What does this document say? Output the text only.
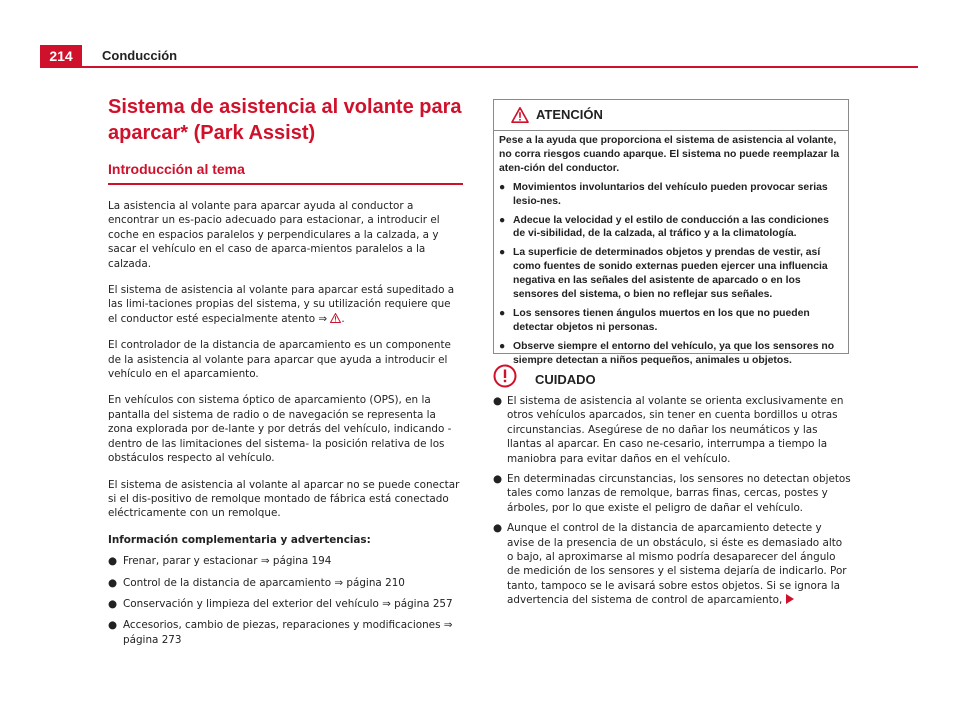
214	Conducción
Sistema de asistencia al volante para aparcar* (Park Assist)
Introducción al tema

La asistencia al volante para aparcar ayuda al conductor a encontrar un es-pacio adecuado para estacionar, a introducir el coche en espacios paralelos y perpendiculares a la calzada, a y sacar el vehículo en el caso de aparca-mientos paralelos a la calzada.

El sistema de asistencia al volante para aparcar está supeditado a las limi-taciones propias del sistema, y su utilización requiere que el conductor esté especialmente atento ⇒ .

El controlador de la distancia de aparcamiento es un componente de la asistencia al volante para aparcar que ayuda a introducir el vehículo en el aparcamiento.

En vehículos con sistema óptico de aparcamiento (OPS), en la pantalla del sistema de radio o de navegación se representa la zona explorada por de-lante y por detrás del vehículo, indicando -dentro de las limitaciones del sistema- la posición relativa de los obstáculos respecto al vehículo.

El sistema de asistencia al volante al aparcar no se puede conectar si el dis-positivo de remolque montado de fábrica está conectado eléctricamente con un remolque.

Información complementaria y advertencias:

● Frenar, parar y estacionar ⇒ página 194

● Control de la distancia de aparcamiento ⇒ página 210

● Conservación y limpieza del exterior del vehículo ⇒ página 257

● Accesorios, cambio de piezas, reparaciones y modificaciones ⇒ página 273

ATENCIÓN

Pese a la ayuda que proporciona el sistema de asistencia al volante, no corra riesgos cuando aparque. El sistema no puede reemplazar la aten-ción del conductor.

● Movimientos involuntarios del vehículo pueden provocar serias lesio-nes.

● Adecue la velocidad y el estilo de conducción a las condiciones de vi-sibilidad, de la calzada, al tráfico y a la climatología.

● La superficie de determinados objetos y prendas de vestir, así como fuentes de sonido externas pueden ejercer una influencia negativa en las señales del asistente de aparcado o en los sensores del sistema, o bien no reflejar sus señales.

● Los sensores tienen ángulos muertos en los que no pueden detectar objetos ni personas.

● Observe siempre el entorno del vehículo, ya que los sensores no siempre detectan a niños pequeños, animales u objetos.

CUIDADO

● El sistema de asistencia al volante se orienta exclusivamente en otros vehículos aparcados, sin tener en cuenta bordillos u otras circunstancias. Asegúrese de no dañar los neumáticos y las llantas al aparcar. En caso ne-cesario, interrumpa a tiempo la maniobra para evitar daños en el vehículo.

● En determinadas circunstancias, los sensores no detectan objetos tales como lanzas de remolque, barras finas, cercas, postes y árboles, por lo que existe el peligro de dañar el vehículo.

● Aunque el control de la distancia de aparcamiento detecte y avise de la presencia de un obstáculo, si éste es demasiado alto o bajo, al aproximarse al mismo podría desaparecer del ángulo de medición de los sensores y el sistema dejaría de indicarlo. Por tanto, tampoco se le avisará sobre estos objetos. Si se ignora la advertencia del sistema de control de aparcamiento,
